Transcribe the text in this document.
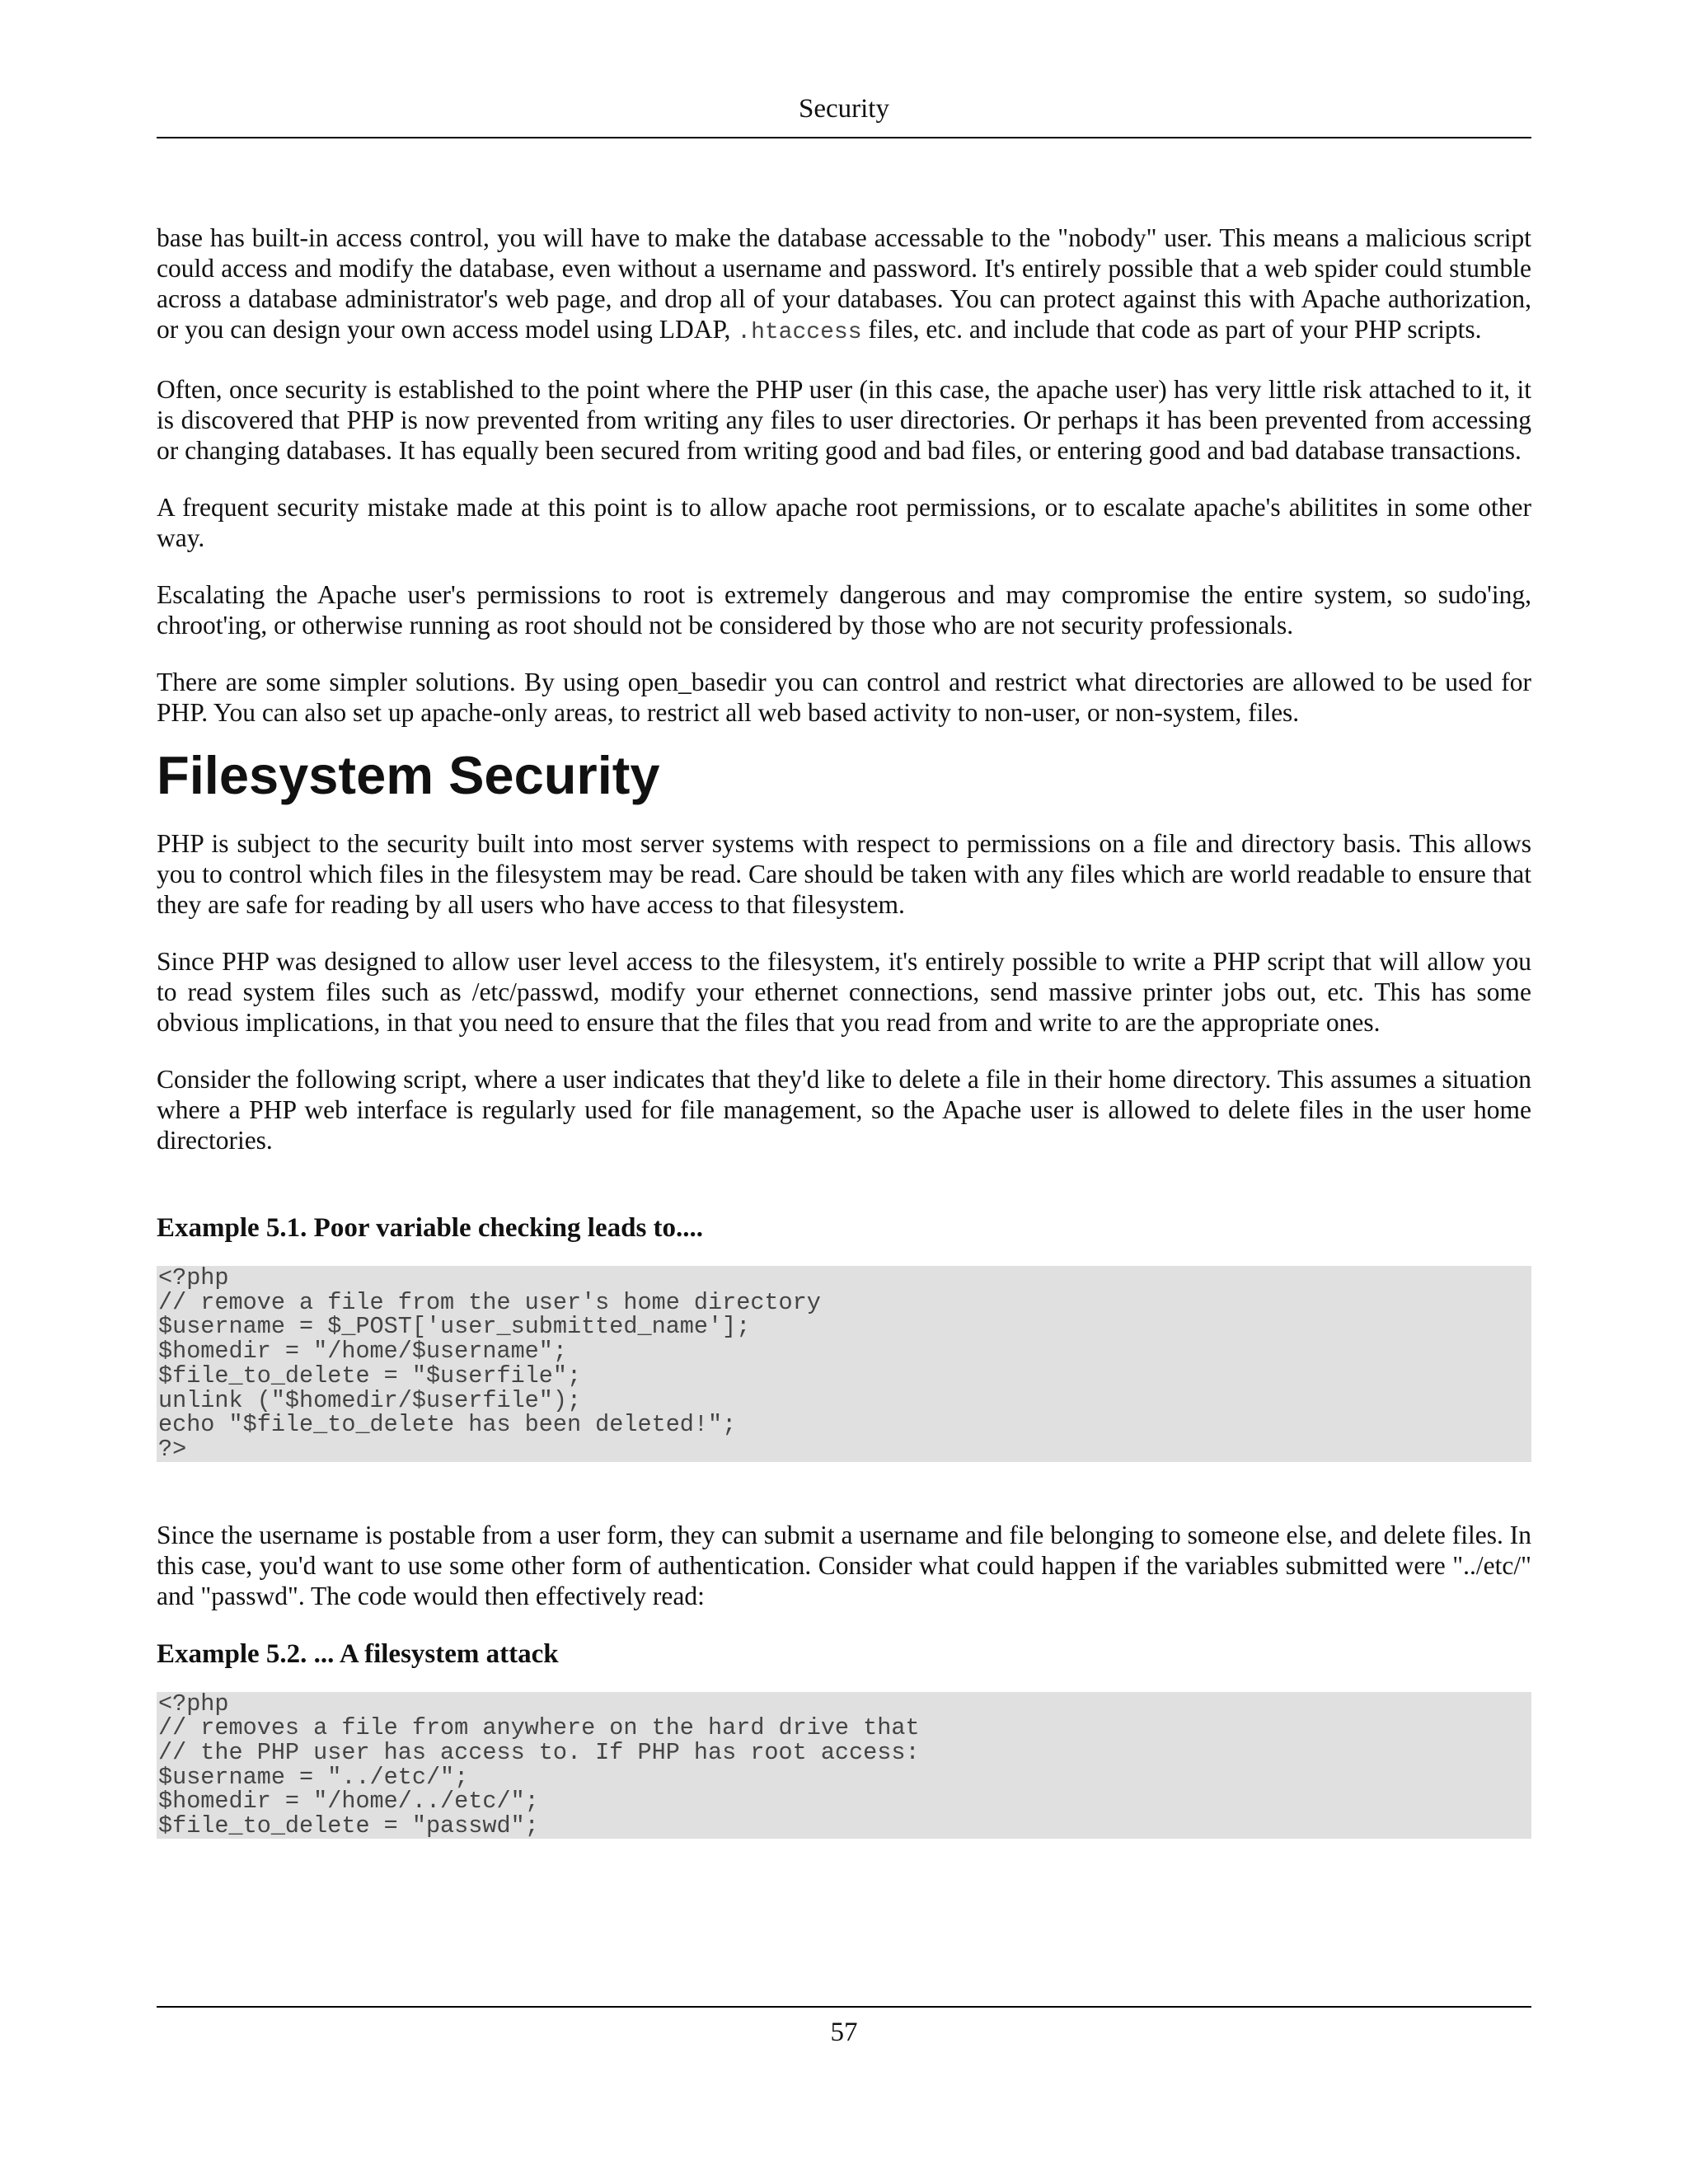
Security

base has built-in access control, you will have to make the database accessable to the "nobody" user. This means a malicious script could access and modify the database, even without a username and password. It's entirely possible that a web spider could stumble across a database administrator's web page, and drop all of your databases. You can protect against this with Apache authorization, or you can design your own access model using LDAP, .htaccess files, etc. and include that code as part of your PHP scripts.

Often, once security is established to the point where the PHP user (in this case, the apache user) has very little risk attached to it, it is discovered that PHP is now prevented from writing any files to user directories. Or perhaps it has been prevented from accessing or changing databases. It has equally been secured from writing good and bad files, or entering good and bad database transactions.

A frequent security mistake made at this point is to allow apache root permissions, or to escalate apache's abilitites in some other way.

Escalating the Apache user's permissions to root is extremely dangerous and may compromise the entire system, so sudo'ing, chroot'ing, or otherwise running as root should not be considered by those who are not security professionals.

There are some simpler solutions. By using open_basedir you can control and restrict what directories are allowed to be used for PHP. You can also set up apache-only areas, to restrict all web based activity to non-user, or non-system, files.

Filesystem Security

PHP is subject to the security built into most server systems with respect to permissions on a file and directory basis. This allows you to control which files in the filesystem may be read. Care should be taken with any files which are world readable to ensure that they are safe for reading by all users who have access to that filesystem.

Since PHP was designed to allow user level access to the filesystem, it's entirely possible to write a PHP script that will allow you to read system files such as /etc/passwd, modify your ethernet connections, send massive printer jobs out, etc. This has some obvious implications, in that you need to ensure that the files that you read from and write to are the appropriate ones.

Consider the following script, where a user indicates that they'd like to delete a file in their home directory. This assumes a situation where a PHP web interface is regularly used for file management, so the Apache user is allowed to delete files in the user home directories.

Example 5.1. Poor variable checking leads to....
<?php
// remove a file from the user's home directory
$username = $_POST['user_submitted_name'];
$homedir = "/home/$username";
$file_to_delete = "$userfile";
unlink ("$homedir/$userfile");
echo "$file_to_delete has been deleted!";
?>

Since the username is postable from a user form, they can submit a username and file belonging to someone else, and delete files. In this case, you'd want to use some other form of authentication. Consider what could happen if the variables submitted were "../etc/" and "passwd". The code would then effectively read:

Example 5.2. ... A filesystem attack
<?php
// removes a file from anywhere on the hard drive that
// the PHP user has access to. If PHP has root access:
$username = "../etc/";
$homedir = "/home/../etc/";
$file_to_delete = "passwd";
57
